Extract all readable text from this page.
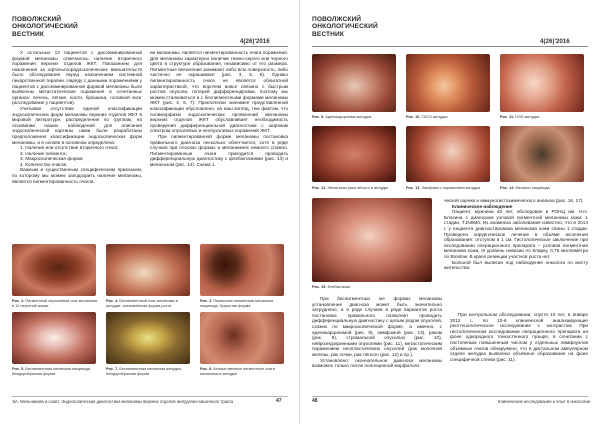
ПОВОЛЖСКИЙ
ОНКОЛОГИЧЕСКИЙ
ВЕСТНИК
4(26)'2016

У остальных 13 пациентов с диссеминированной формой меланомы отмечалось наличие вторичного поражения верхних отделов ЖКТ. Показанием для назначения за офтальгоорадоскопических вмешательств было обследование перед назначением системной лекарственной терапии. Наряду с данными поражениями у пациентов с диссеминированной формой меланомы были выявлены метастатические поражения в сочетанных органах: печень, лёгкие, кости, брюшина, головной мозг (исследование у пациентов).

Учитывая отсутствие единой классификации эндоскопических форм меланомы верхних отделов ЖКТ в мировой литературе, распределение по группам, на основании наших наблюдений для описания эндоскопической картины нами были разработаны предположения классификации эндоскопических форм меланомы, и в основе в основном определена:

1. Наличие или отсутствие вторичного очага;

2. Наличие пигмента;

3. Макроскопическая форма;

4. Количество очагов.

Важным и существенным специфическим признаком, по которому мы можем заподозрить наличие меланомы, является пигментированность очагов.

ие меланомы, является пигментированность очага поражения. Для меланомы характерно наличие темно-серого или черного цвета в структуре образования, независимо от его размера. Пигментные включения занимают либо всю поверхность, либо частично ее окрашивают (рис. 3, 5, 8). Однако пигментированность очага не является облигатной характеристикой, что впрочем вовсе связано с быстрым ростом опухоли, потерей дифференцировки, поэтому мы можем сталкиваться и с беспигментными формами меланомы ЖКТ (рис. 4, 6, 7). Практически значимее представленной классификации обусловлено, на наш взгляд, тем фактом, что полиморфизм эндоскопических проявлений меланомы верхних отделов ЖКТ обуславливает необходимость проведения дифференциальной диагностики с широким спектром опухолевых и неопухолевых поражений ЖКТ.

При пигментированной форме меланомы постановка правильного диагноза несколько облегчается, хотя в ряде случаев при плоских формах и меланемиях немного сложно. Пигментированные очаги приходится проводить дифференциальную диагностику с флебэктазиями (рис. 13) и меланозом (рис. 14). Схема 1.

Рис. 2. Пигментный опухолевый очаг меланомы в 12-перстной кишке
Рис. 4. Беспигментный очаг меланомы в желудке, изъязвлённая форма роста
Рис. 3. Первичная пигментная меланома пищевода, бугристая форма
Рис. 5. Беспигментная меланома пищевода, блюдцеобразная форма
Рис. 7. Беспигментная меланома желудка, блюдцеобразная форма
Рис. 8. Множественные пигментные очаги меланомы в желудке
ЭА. Мельникова и соавт. Эндоскопическая диагностика меланомы верхних отделов желудочно-кишечного тракта	47
ПОВОЛЖСКИЙ
ОНКОЛОГИЧЕСКИЙ
ВЕСТНИК
4(26)'2016
Рис. 9. Аденокарцинома желудка	Рис. 10. ГИСО желудка	Рис. 11. НЭО желудка
Рис. 12. Метастазы рака лёгкого в желудке	Рис. 13. Лимфома с поражением желудка	Рис. 14. Меланоз пищевода
Рис. 15. Флебэктазия

ческой оценки и иммуногистохимического анализа (рис. 16, 17).

Клиническое наблюдение

Пациент, мужчина 40 лет, обследован в РОНЦ им. Н.Н. Блохина с диагнозом узловой пигментной меланомы кожи: 1 стадии, T1N0M0. Из анамнеза заболевания известно, что в 2013 г. у пациента диагностирована меланома кожи спины 1 стадии. Проведено хирургическое лечение в объёме иссечения образования: отступом в 1 см. Гистологическое заключение при исследовании операционного препарата – узловая пигментная меланома кожи, III уровень инвазии по Кларку, 0,75 миллиметра по Breslow. В краях резекции участков роста нет.

Больной был выписан под наблюдение онколога по месту жительства.

При беспигментных же формах меланомы установление диагноза может быть значительно затруднено, а в ряде случаев в ряде вариантов роста постановка правильного позволяет проводить дифференциальную диагностику с целым рядом опухолей, схожих по макроскопической форме, а именно, с аденокарциномой (рис. 9), лимфомой (рис. 13), раком (рис. 9), стромальной опухолью (рис. 10), нейроэндокринными опухолями (рис. 11), метастатическим поражением неопластических опухолей (рак молочной железы, рак почки, рак лёгкого (рис. 12) и пр.).

Установлено: окончательное диагноза меланомы возможно только после полноценной морфологи-

При контрольном обследовании, спустя 10 лет, в январе 2012 г., по 10-й клинической анализирующие рентгенологическое исследование с контрастом. При гистологическом исследовании операционного препарата на фоне однородного тонкостенного пузыря, в сочетании с постоянным повышенным числом у отдельных лимфоузлов объёмных очагов обнаружено, что в дистальном ампулярном отделе желудка выявлено объёмное образование на фоне специфичной стенки (рис. 11).

48	Клинические исследования и опыт в онкологии
